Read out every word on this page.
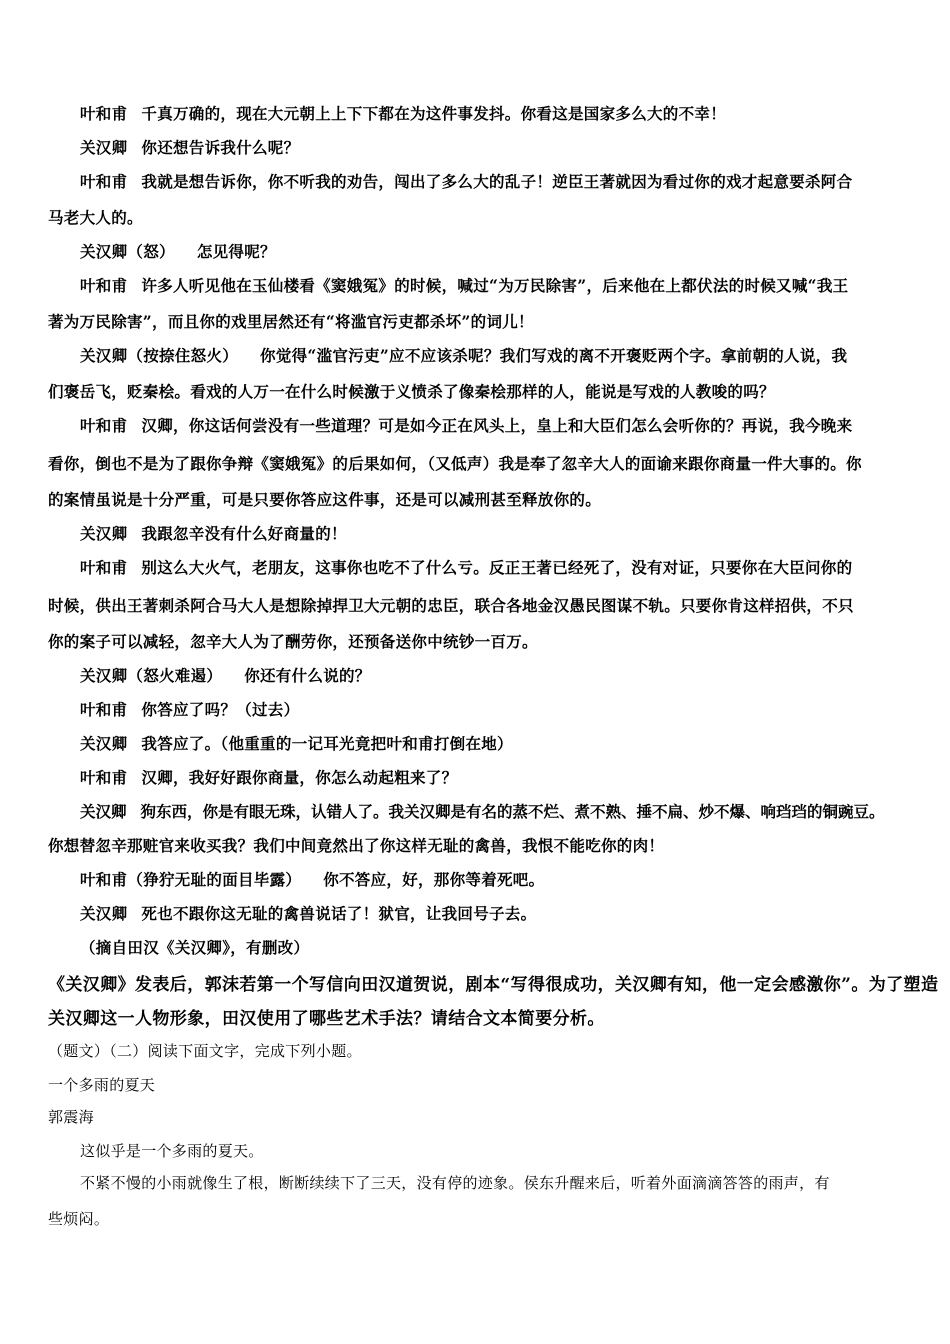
叶和甫 千真万确的，现在大元朝上上下下都在为这件事发抖。你看这是国家多么大的不幸！
关汉卿 你还想告诉我什么呢？
叶和甫 我就是想告诉你，你不听我的劝告，闯出了多么大的乱子！逆臣王著就因为看过你的戏才起意要杀阿合
马老大人的。
关汉卿（怒） 怎见得呢？
叶和甫 许多人听见他在玉仙楼看《窦娥冤》的时候，喊过“为万民除害”，后来他在上都伏法的时候又喊“我王
著为万民除害”，而且你的戏里居然还有“将滥官污吏都杀坏”的词儿！
关汉卿（按捺住怒火） 你觉得“滥官污吏”应不应该杀呢？我们写戏的离不开褒贬两个字。拿前朝的人说，我
们褒岳飞，贬秦桧。看戏的人万一在什么时候激于义愤杀了像秦桧那样的人，能说是写戏的人教唆的吗？
叶和甫 汉卿，你这话何尝没有一些道理？可是如今正在风头上，皇上和大臣们怎么会听你的？再说，我今晚来
看你，倒也不是为了跟你争辩《窦娥冤》的后果如何，（又低声）我是奉了忽辛大人的面谕来跟你商量一件大事的。你
的案情虽说是十分严重，可是只要你答应这件事，还是可以减刑甚至释放你的。
关汉卿 我跟忽辛没有什么好商量的！
叶和甫 别这么大火气，老朋友，这事你也吃不了什么亏。反正王著已经死了，没有对证，只要你在大臣问你的
时候，供出王著刺杀阿合马大人是想除掉捍卫大元朝的忠臣，联合各地金汉愚民图谋不轨。只要你肯这样招供，不只
你的案子可以减轻，忽辛大人为了酬劳你，还预备送你中统钞一百万。
关汉卿（怒火难遏） 你还有什么说的？
叶和甫 你答应了吗？（过去）
关汉卿 我答应了。（他重重的一记耳光竟把叶和甫打倒在地）
叶和甫 汉卿，我好好跟你商量，你怎么动起粗来了？
关汉卿 狗东西，你是有眼无珠，认错人了。我关汉卿是有名的蒸不烂、煮不熟、捶不扁、炒不爆、响珰珰的铜豌豆。
你想替忽辛那赃官来收买我？我们中间竟然出了你这样无耻的禽兽，我恨不能吃你的肉！
叶和甫（狰狞无耻的面目毕露） 你不答应，好，那你等着死吧。
关汉卿 死也不跟你这无耻的禽兽说话了！狱官，让我回号子去。
（摘自田汉《关汉卿》，有删改）
《关汉卿》发表后，郭沫若第一个写信向田汉道贺说，剧本“写得很成功，关汉卿有知，他一定会感激你”。为了塑造
关汉卿这一人物形象，田汉使用了哪些艺术手法？请结合文本简要分析。
（题文）（二）阅读下面文字，完成下列小题。
一个多雨的夏天
郭震海
这似乎是一个多雨的夏天。
不紧不慢的小雨就像生了根，断断续续下了三天，没有停的迹象。侯东升醒来后，听着外面滴滴答答的雨声，有
些烦闷。
